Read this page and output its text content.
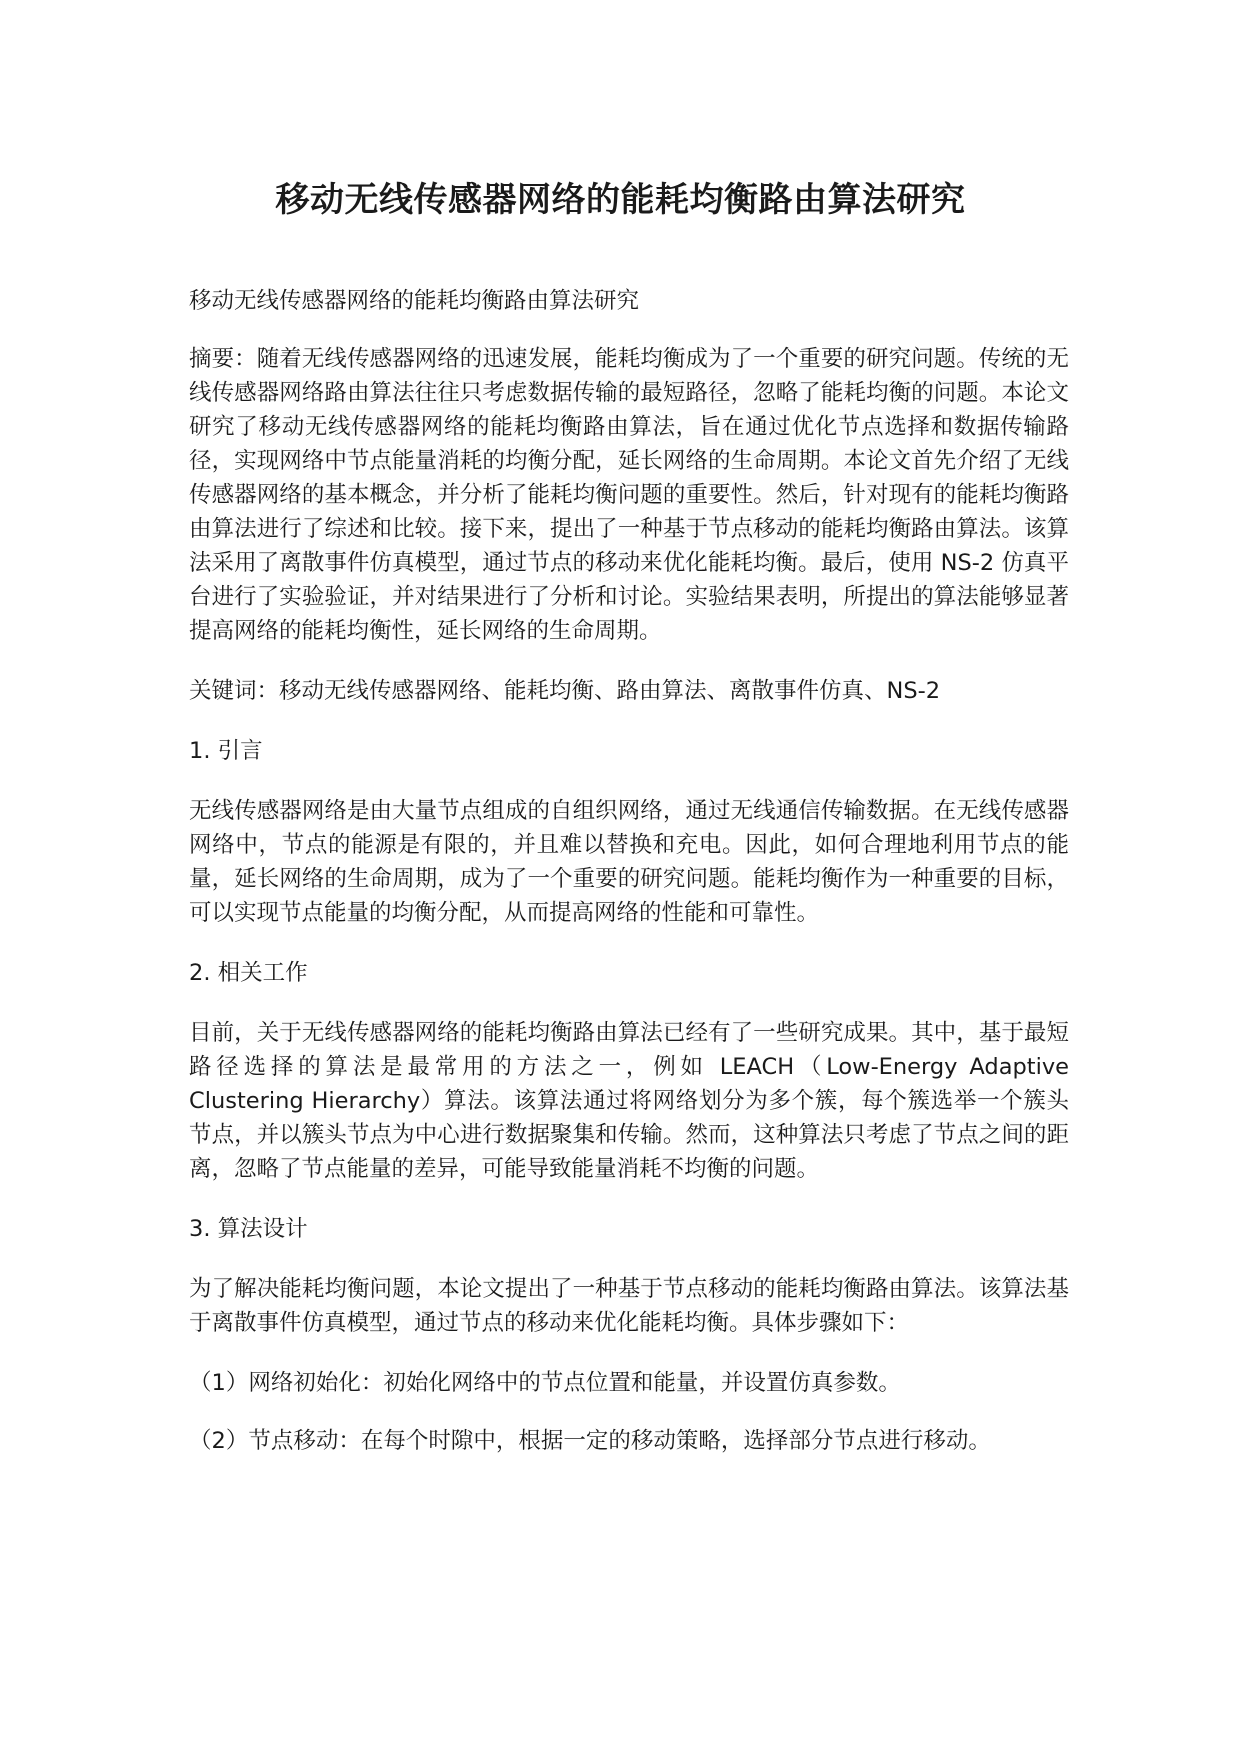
移动无线传感器网络的能耗均衡路由算法研究

移动无线传感器网络的能耗均衡路由算法研究

摘要：随着无线传感器网络的迅速发展，能耗均衡成为了一个重要的研究问题。传统的无线传感器网络路由算法往往只考虑数据传输的最短路径，忽略了能耗均衡的问题。本论文研究了移动无线传感器网络的能耗均衡路由算法，旨在通过优化节点选择和数据传输路径，实现网络中节点能量消耗的均衡分配，延长网络的生命周期。本论文首先介绍了无线传感器网络的基本概念，并分析了能耗均衡问题的重要性。然后，针对现有的能耗均衡路由算法进行了综述和比较。接下来，提出了一种基于节点移动的能耗均衡路由算法。该算法采用了离散事件仿真模型，通过节点的移动来优化能耗均衡。最后，使用 NS-2 仿真平台进行了实验验证，并对结果进行了分析和讨论。实验结果表明，所提出的算法能够显著提高网络的能耗均衡性，延长网络的生命周期。

关键词：移动无线传感器网络、能耗均衡、路由算法、离散事件仿真、NS-2

1. 引言

无线传感器网络是由大量节点组成的自组织网络，通过无线通信传输数据。在无线传感器网络中，节点的能源是有限的，并且难以替换和充电。因此，如何合理地利用节点的能量，延长网络的生命周期，成为了一个重要的研究问题。能耗均衡作为一种重要的目标，可以实现节点能量的均衡分配，从而提高网络的性能和可靠性。

2. 相关工作

目前，关于无线传感器网络的能耗均衡路由算法已经有了一些研究成果。其中，基于最短路径选择的算法是最常用的方法之一，例如 LEACH（Low-Energy Adaptive Clustering Hierarchy）算法。该算法通过将网络划分为多个簇，每个簇选举一个簇头节点，并以簇头节点为中心进行数据聚集和传输。然而，这种算法只考虑了节点之间的距离，忽略了节点能量的差异，可能导致能量消耗不均衡的问题。

3. 算法设计

为了解决能耗均衡问题，本论文提出了一种基于节点移动的能耗均衡路由算法。该算法基于离散事件仿真模型，通过节点的移动来优化能耗均衡。具体步骤如下：

（1）网络初始化：初始化网络中的节点位置和能量，并设置仿真参数。

（2）节点移动：在每个时隙中，根据一定的移动策略，选择部分节点进行移动。
